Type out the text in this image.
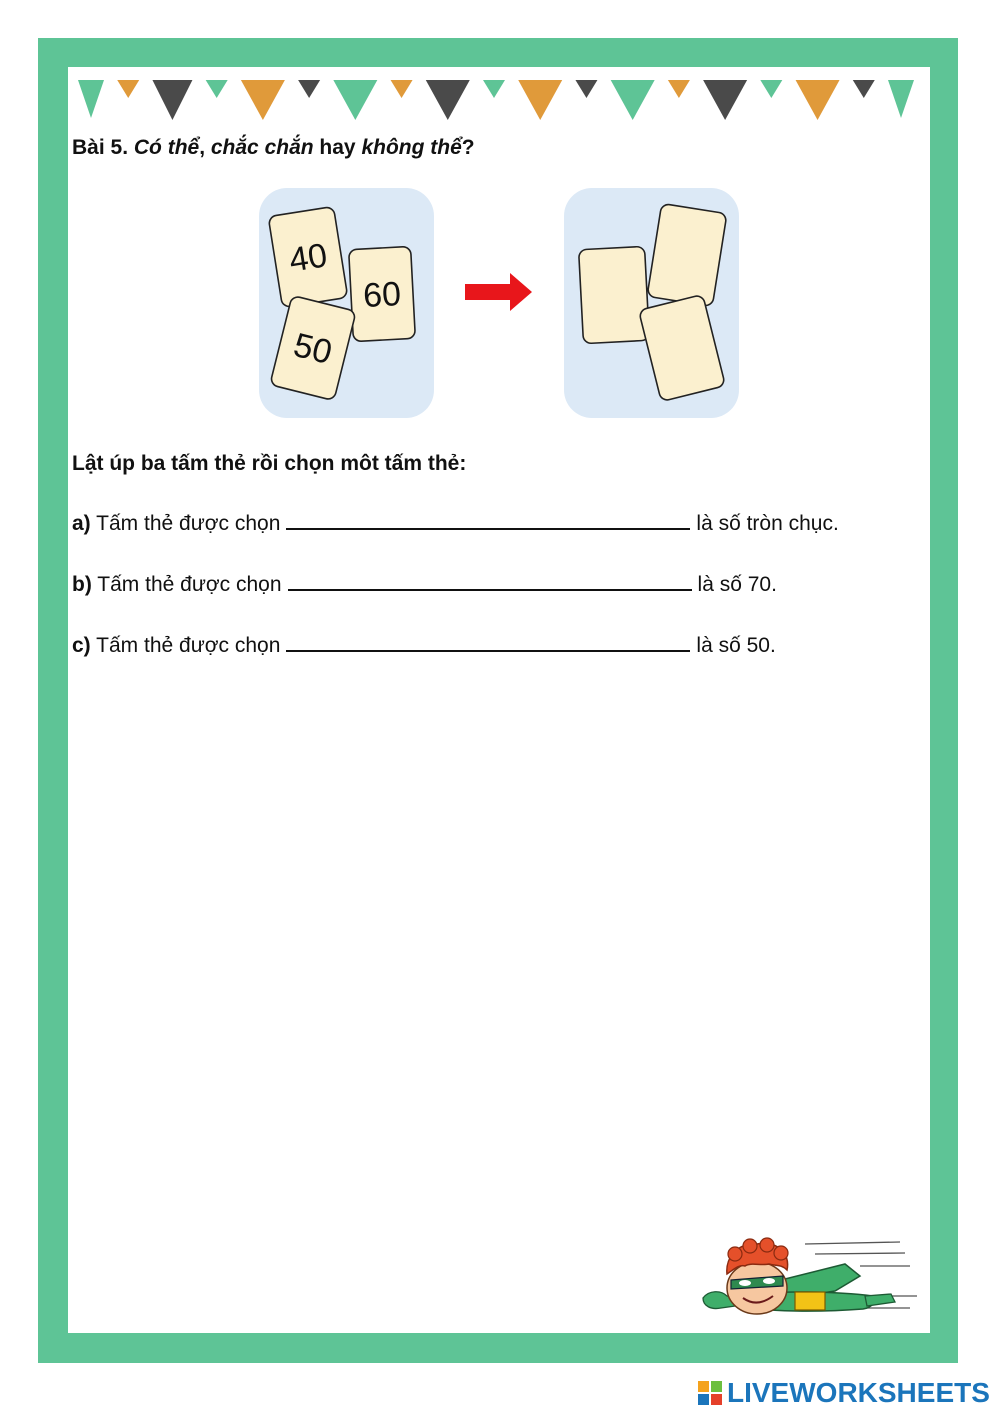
Bài 5. Có thể, chắc chắn hay không thể?
40
60
50
Lật úp ba tấm thẻ rồi chọn môt tấm thẻ:
a) Tấm thẻ được chọn	là số tròn chục.
b) Tấm thẻ được chọn	là số 70.
c) Tấm thẻ được chọn	là số 50.
LIVEWORKSHEETS
